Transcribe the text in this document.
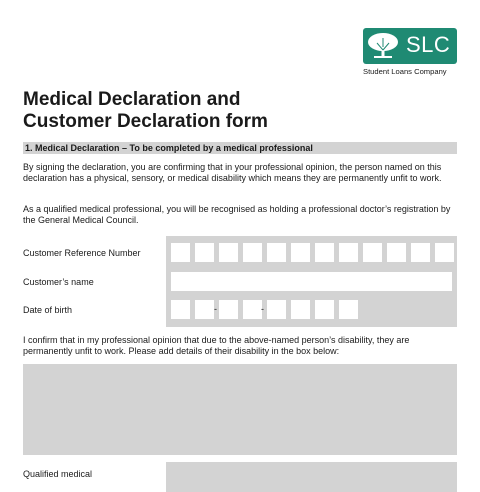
SLC
Student Loans Company
Medical Declaration and
Customer Declaration form
1. Medical Declaration – To be completed by a medical professional

By signing the declaration, you are confirming that in your professional opinion, the person named on this declaration has a physical, sensory, or medical disability which means they are permanently unfit to work.

As a qualified medical professional, you will be recognised as holding a professional doctor’s registration by the General Medical Council.

Customer Reference Number
Customer’s name
Date of birth	-	-

I confirm that in my professional opinion that due to the above-named person’s disability, they are permanently unfit to work. Please add details of their disability in the box below:

Qualified medical
